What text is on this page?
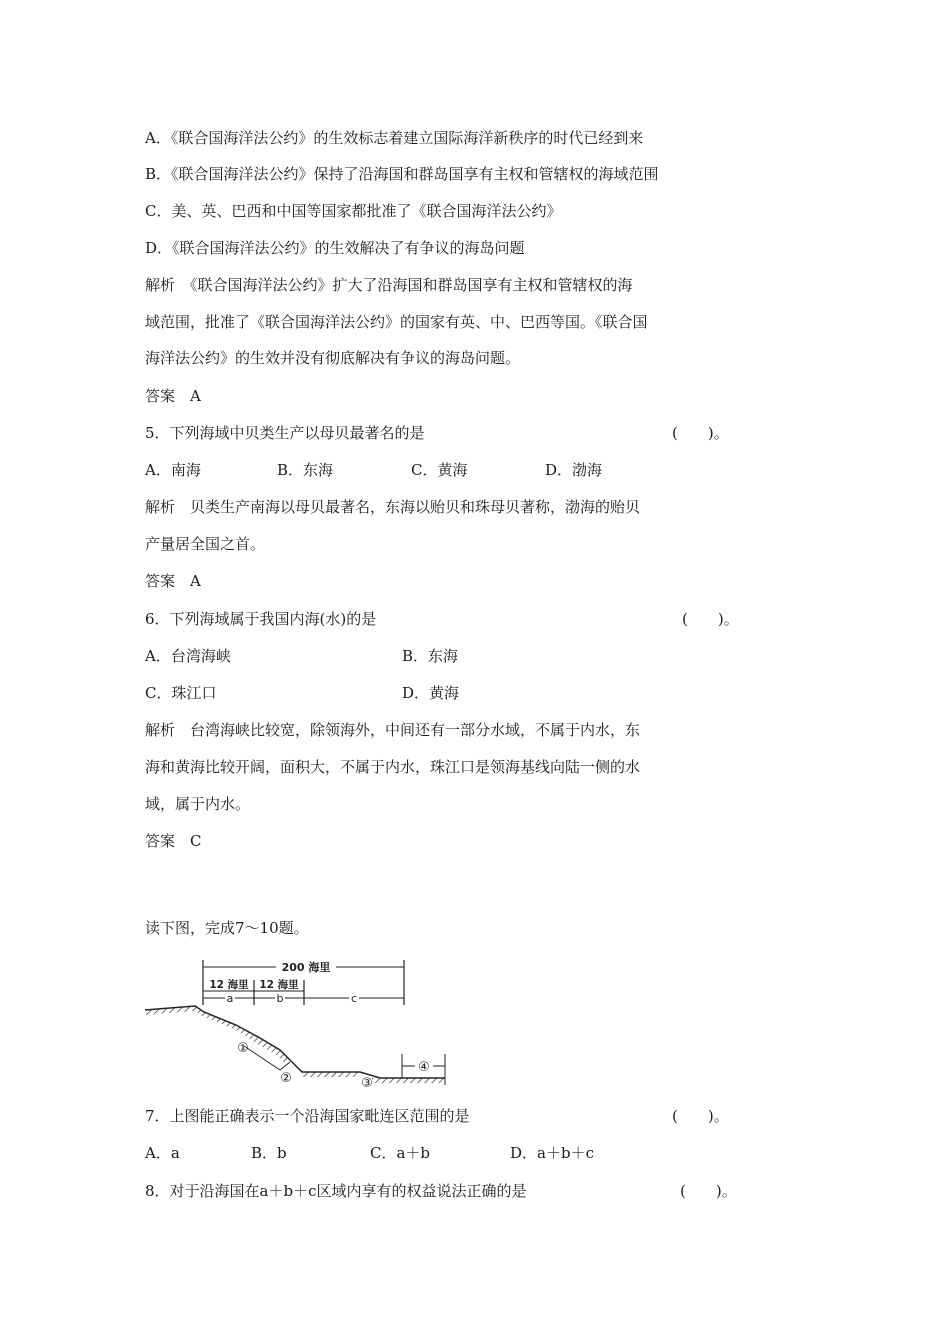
A．《联合国海洋法公约》的生效标志着建立国际海洋新秩序的时代已经到来
B．《联合国海洋法公约》保持了沿海国和群岛国享有主权和管辖权的海域范围
C．美、英、巴西和中国等国家都批准了《联合国海洋法公约》
D．《联合国海洋法公约》的生效解决了有争议的海岛问题
解析　《联合国海洋法公约》扩大了沿海国和群岛国享有主权和管辖权的海
域范围，批准了《联合国海洋法公约》的国家有英、中、巴西等国。《联合国
海洋法公约》的生效并没有彻底解决有争议的海岛问题。
答案　A
5．下列海域中贝类生产以母贝最著名的是	(　　)。
A．南海	B．东海	C．黄海	D．渤海
解析　贝类生产南海以母贝最著名，东海以贻贝和珠母贝著称，渤海的贻贝
产量居全国之首。
答案　A
6．下列海域属于我国内海(水)的是	(　　)。
A．台湾海峡	B．东海
C．珠江口	D．黄海
解析　台湾海峡比较宽，除领海外，中间还有一部分水域，不属于内水，东
海和黄海比较开阔，面积大，不属于内水，珠江口是领海基线向陆一侧的水
域，属于内水。
答案　C
读下图，完成7～10题。
200 海里
12 海里 12 海里
a	b	c
①
②	③
④
7．上图能正确表示一个沿海国家毗连区范围的是	(　　)。
A．a	B．b	C．a＋b	D．a＋b＋c
8．对于沿海国在a＋b＋c区域内享有的权益说法正确的是	(　　)。
